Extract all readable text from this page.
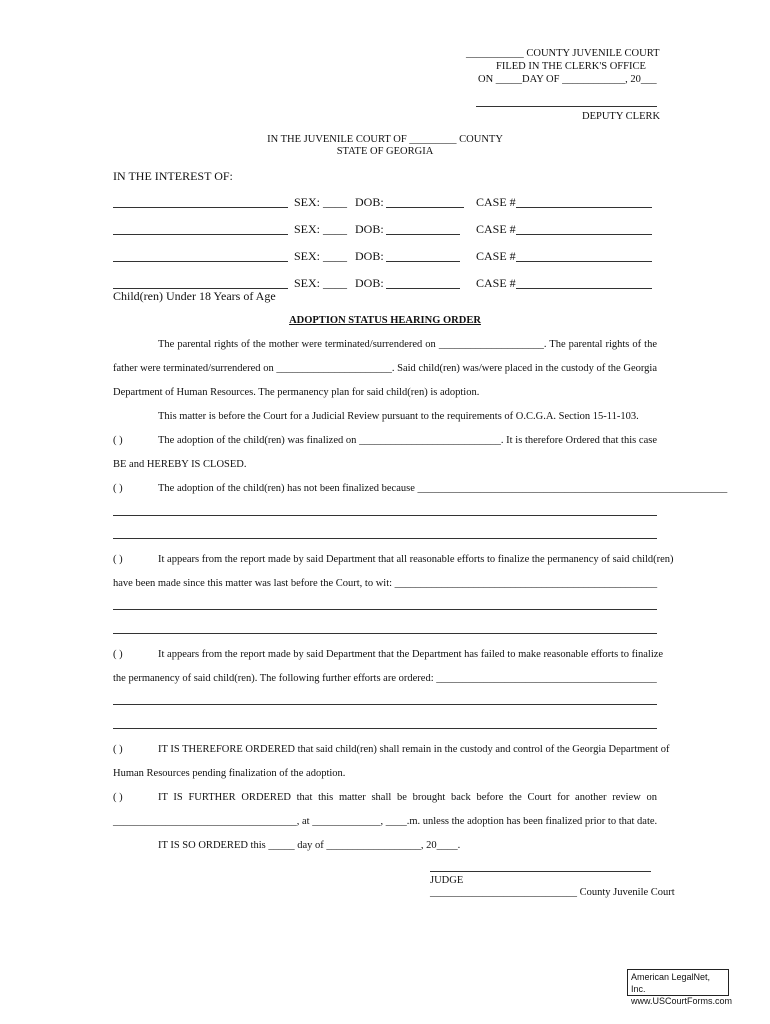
___________ COUNTY JUVENILE COURT
FILED IN THE CLERK'S OFFICE
ON _____DAY OF ____________, 20___
DEPUTY CLERK
IN THE JUVENILE COURT OF _________ COUNTY
STATE OF GEORGIA
IN THE INTEREST OF:
SEX: ____ DOB:	CASE #
SEX: ____ DOB:	CASE #
SEX: ____ DOB:	CASE #
SEX: ____ DOB:	CASE #
Child(ren) Under 18 Years of Age
ADOPTION STATUS HEARING ORDER
The parental rights of the mother were terminated/surrendered on ____________________. The parental rights of the
father were terminated/surrendered on ______________________. Said child(ren) was/were placed in the custody of the Georgia
Department of Human Resources. The permanency plan for said child(ren) is adoption.
This matter is before the Court for a Judicial Review pursuant to the requirements of O.C.G.A. Section 15-11-103.
( )	The adoption of the child(ren) was finalized on ___________________________. It is therefore Ordered that this case
BE and HEREBY IS CLOSED.
( )	The adoption of the child(ren) has not been finalized because ___________________________________________________________
( )	It appears from the report made by said Department that all reasonable efforts to finalize the permanency of said child(ren)
have been made since this matter was last before the Court, to wit: __________________________________________________
( )	It appears from the report made by said Department that the Department has failed to make reasonable efforts to finalize
the permanency of said child(ren). The following further efforts are ordered: __________________________________________
( )	IT IS THEREFORE ORDERED that said child(ren) shall remain in the custody and control of the Georgia Department of
Human Resources pending finalization of the adoption.
( )	IT IS FURTHER ORDERED that this matter shall be brought back before the Court for another review on
___________________________________, at _____________, ____.m. unless the adoption has been finalized prior to that date.
IT IS SO ORDERED this _____ day of __________________, 20____.
JUDGE
____________________________ County Juvenile Court
American LegalNet, Inc.
www.USCourtForms.com
